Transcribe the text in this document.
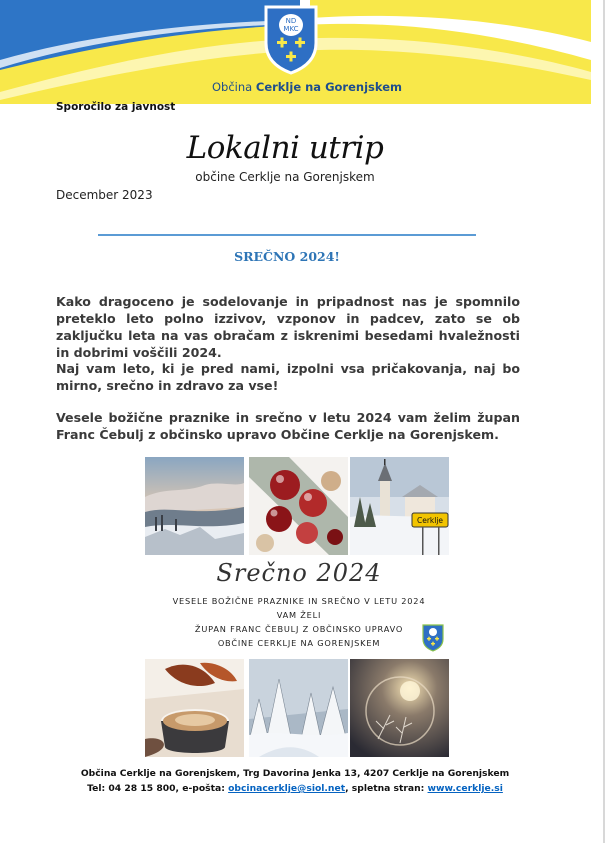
ND
MKC
Občina Cerklje na Gorenjskem
Sporočilo za javnost
Lokalni utrip
občine Cerklje na Gorenjskem
December 2023
SREČNO 2024!

Kako dragoceno je sodelovanje in pripadnost nas je spomnilo preteklo leto polno izzivov, vzponov in padcev, zato se ob zaključku leta na vas obračam z iskrenimi besedami hvaležnosti in dobrimi voščili 2024.

Naj vam leto, ki je pred nami, izpolni vsa pričakovanja, naj bo mirno, srečno in zdravo za vse!

Vesele božične praznike in srečno v letu 2024 vam želim župan Franc Čebulj z občinsko upravo Občine Cerklje na Gorenjskem.

Cerklje
Srečno 2024
VESELE BOŽIČNE PRAZNIKE IN SREČNO V LETU 2024
VAM ŽELI
ŽUPAN FRANC ČEBULJ Z OBČINSKO UPRAVO
OBČINE CERKLJE NA GORENJSKEM
Občina Cerklje na Gorenjskem, Trg Davorina Jenka 13, 4207 Cerklje na Gorenjskem
Tel: 04 28 15 800, e-pošta: obcinacerklje@siol.net, spletna stran: www.cerklje.si
